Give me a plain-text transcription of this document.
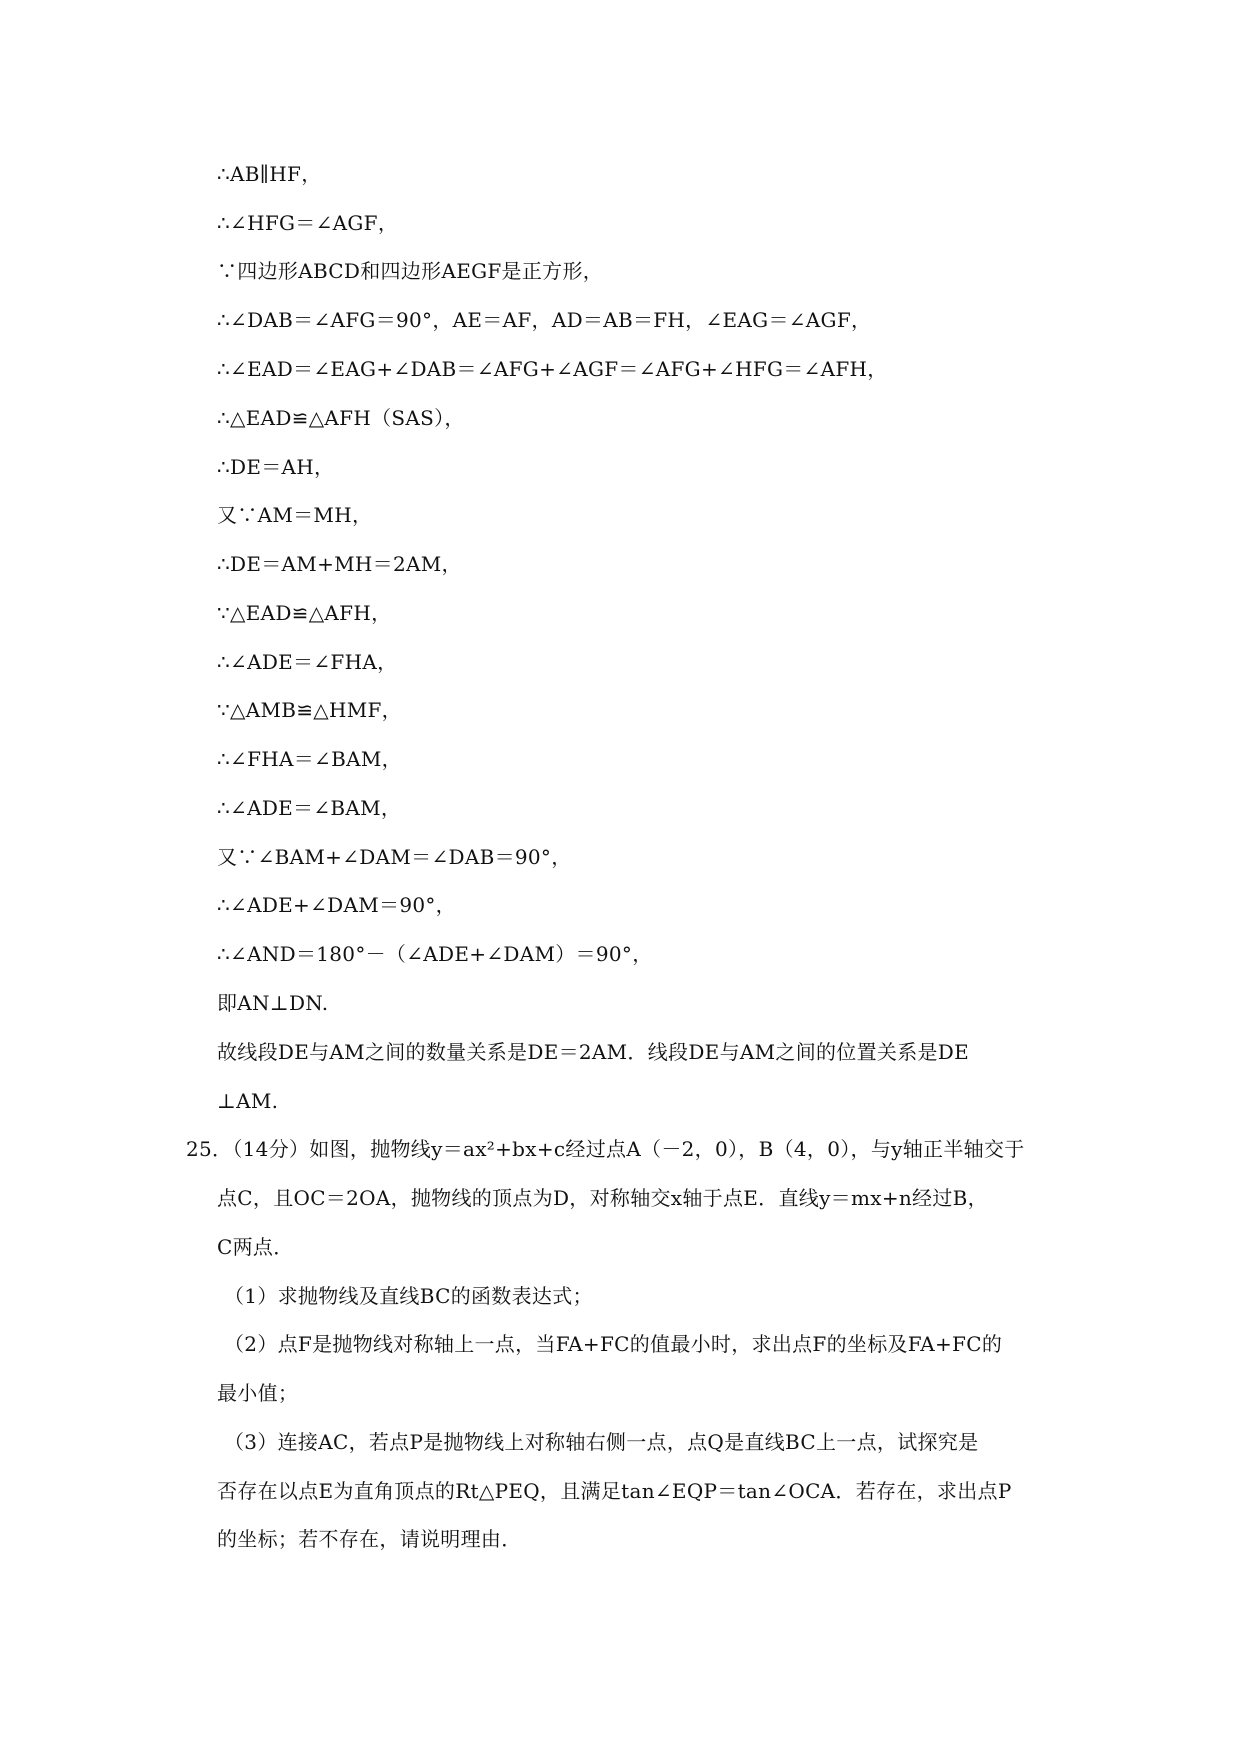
∴AB∥HF，
∴∠HFG＝∠AGF，
∵四边形ABCD和四边形AEGF是正方形，
∴∠DAB＝∠AFG＝90°，AE＝AF，AD＝AB＝FH，∠EAG＝∠AGF，
∴∠EAD＝∠EAG+∠DAB＝∠AFG+∠AGF＝∠AFG+∠HFG＝∠AFH，
∴△EAD≌△AFH（SAS），
∴DE＝AH，
又∵AM＝MH，
∴DE＝AM+MH＝2AM，
∵△EAD≌△AFH，
∴∠ADE＝∠FHA，
∵△AMB≌△HMF，
∴∠FHA＝∠BAM，
∴∠ADE＝∠BAM，
又∵∠BAM+∠DAM＝∠DAB＝90°，
∴∠ADE+∠DAM＝90°，
∴∠AND＝180°－（∠ADE+∠DAM）＝90°，
即AN⊥DN.
故线段DE与AM之间的数量关系是DE＝2AM．线段DE与AM之间的位置关系是DE
⊥AM.
25．（14分）如图，抛物线y＝ax²+bx+c经过点A（－2，0），B（4，0），与y轴正半轴交于
点C，且OC＝2OA，抛物线的顶点为D，对称轴交x轴于点E．直线y＝mx+n经过B，
C两点．
（1）求抛物线及直线BC的函数表达式；
（2）点F是抛物线对称轴上一点，当FA+FC的值最小时，求出点F的坐标及FA+FC的
最小值；
（3）连接AC，若点P是抛物线上对称轴右侧一点，点Q是直线BC上一点，试探究是
否存在以点E为直角顶点的Rt△PEQ，且满足tan∠EQP＝tan∠OCA．若存在，求出点P
的坐标；若不存在，请说明理由．
